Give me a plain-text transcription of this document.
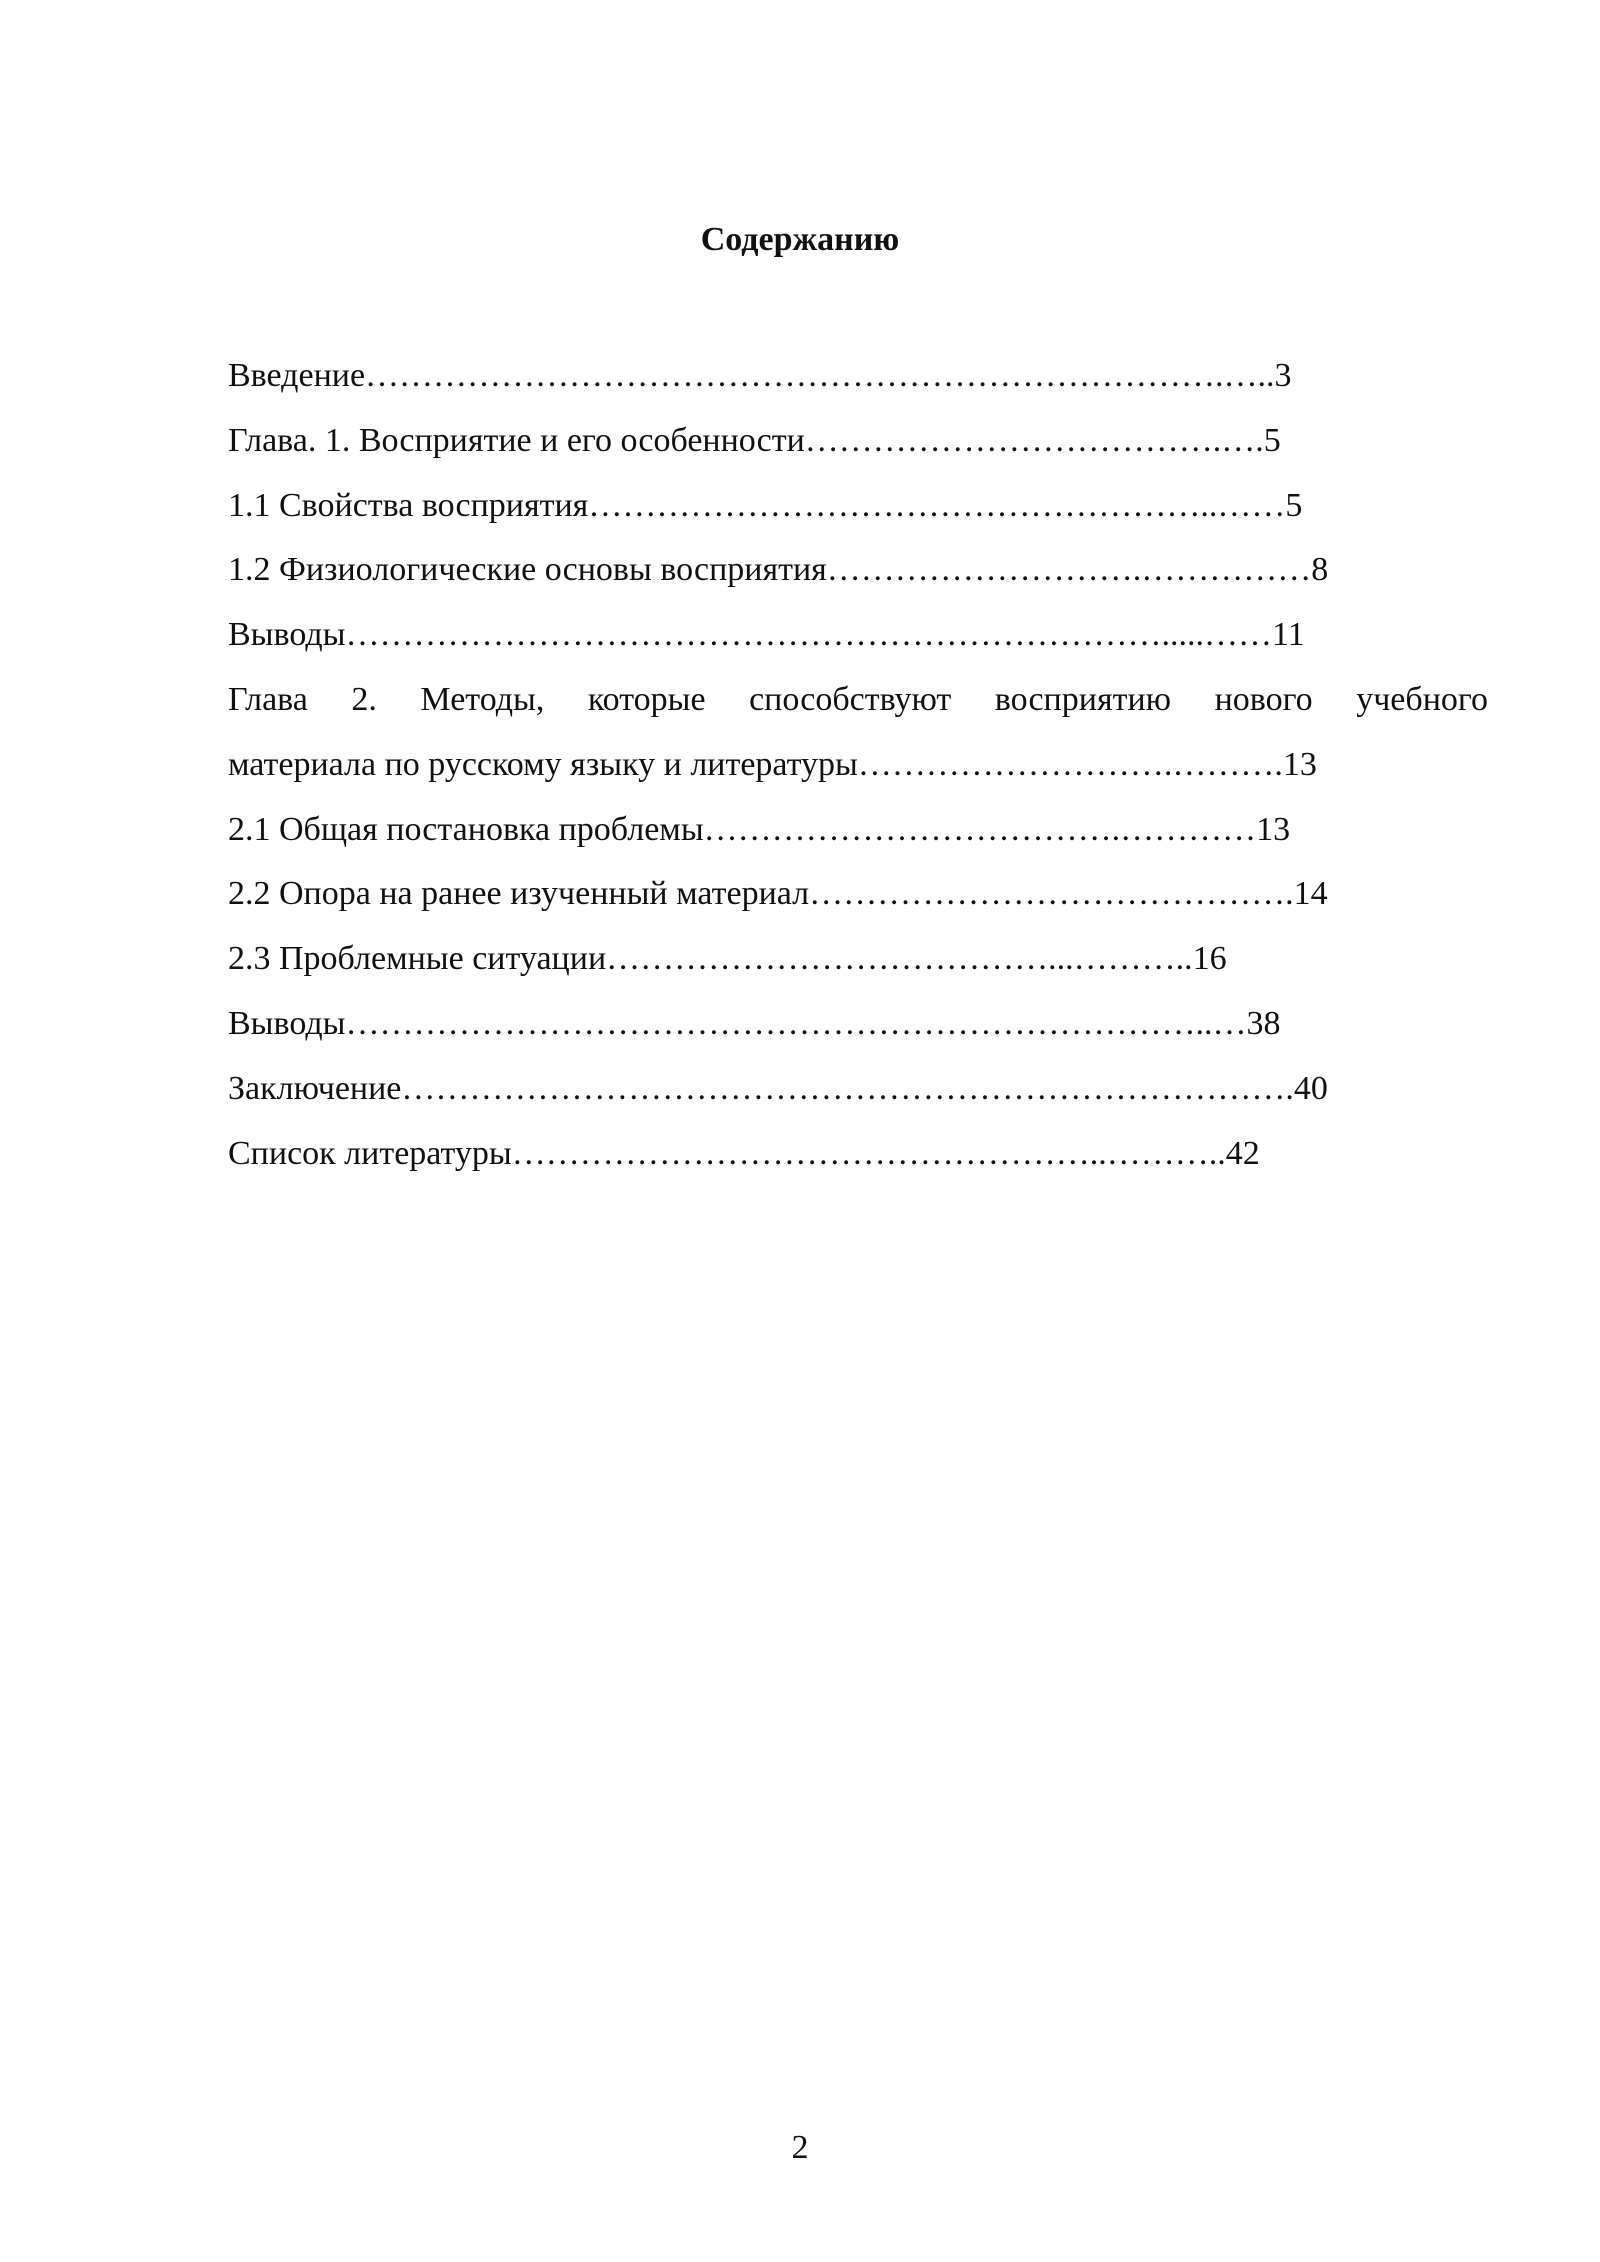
Содержанию
Введение………………………………………………………………….…..3
Глава. 1. Восприятие и его особенности……………………………….….5
1.1 Свойства восприятия………………………………………………..……5
1.2 Физиологические основы восприятия……………………….……………8
Выводы……………………………………………………………….....……11
Глава 2. Методы, которые способствуют восприятию нового учебного
материала по русскому языку и литературы……………………….……….13
2.1 Общая постановка проблемы……………………………….…………13
2.2 Опора на ранее изученный материал…………………………………….14
2.3 Проблемные ситуации…………………………………...………..16
Выводы…………………………………………………………………..…38
Заключение…………………………………………………………………….40
Список литературы……………………………………………..………..42
2
